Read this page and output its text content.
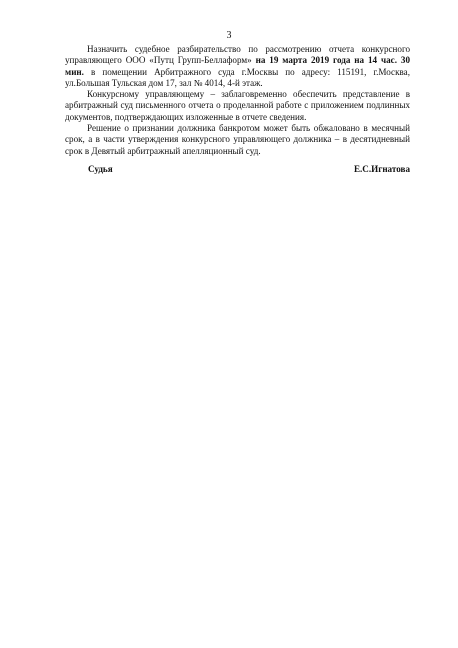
3

Назначить судебное разбирательство по рассмотрению отчета конкурсного управляющего ООО «Путц Групп-Беллаформ» на 19 марта 2019 года на 14 час. 30 мин. в помещении Арбитражного суда г.Москвы по адресу: 115191, г.Москва, ул.Большая Тульская дом 17, зал № 4014, 4-й этаж.

Конкурсному управляющему – заблаговременно обеспечить представление в арбитражный суд письменного отчета о проделанной работе с приложением подлинных документов, подтверждающих изложенные в отчете сведения.

Решение о признании должника банкротом может быть обжаловано в месячный срок, а в части утверждения конкурсного управляющего должника – в десятидневный срок в Девятый арбитражный апелляционный суд.

Судья	Е.С.Игнатова
